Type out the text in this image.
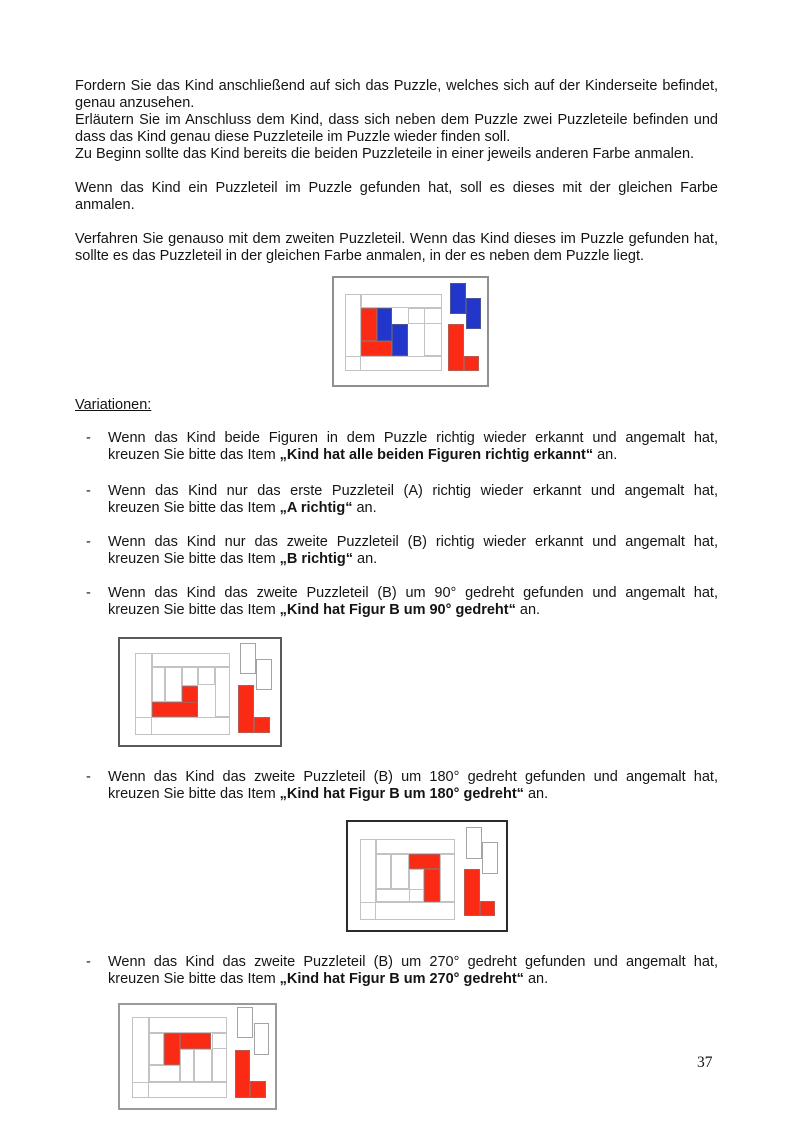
Fordern Sie das Kind anschließend auf sich das Puzzle, welches sich auf der Kinderseite befindet, genau anzusehen.
Erläutern Sie im Anschluss dem Kind, dass sich neben dem Puzzle zwei Puzzleteile befinden und dass das Kind genau diese Puzzleteile im Puzzle wieder finden soll.
Zu Beginn sollte das Kind bereits die beiden Puzzleteile in einer jeweils anderen Farbe anmalen.
Wenn das Kind ein Puzzleteil im Puzzle gefunden hat, soll es dieses mit der gleichen Farbe anmalen.
Verfahren Sie genauso mit dem zweiten Puzzleteil. Wenn das Kind dieses im Puzzle gefunden hat, sollte es das Puzzleteil in der gleichen Farbe anmalen, in der es neben dem Puzzle liegt.
Variationen:
-	Wenn das Kind beide Figuren in dem Puzzle richtig wieder erkannt und angemalt hat,
kreuzen Sie bitte das Item „Kind hat alle beiden Figuren richtig erkannt“ an.
-	Wenn das Kind nur das erste Puzzleteil (A) richtig wieder erkannt und angemalt hat,
kreuzen Sie bitte das Item „A richtig“ an.
-	Wenn das Kind nur das zweite Puzzleteil (B) richtig wieder erkannt und angemalt hat,
kreuzen Sie bitte das Item „B richtig“ an.
-	Wenn das Kind das zweite Puzzleteil (B) um 90° gedreht gefunden und angemalt hat,
kreuzen Sie bitte das Item „Kind hat Figur B um 90° gedreht“ an.
-	Wenn das Kind das zweite Puzzleteil (B) um 180° gedreht gefunden und angemalt hat,
kreuzen Sie bitte das Item „Kind hat Figur B um 180° gedreht“ an.
-	Wenn das Kind das zweite Puzzleteil (B) um 270° gedreht gefunden und angemalt hat,
kreuzen Sie bitte das Item „Kind hat Figur B um 270° gedreht“ an.
37
